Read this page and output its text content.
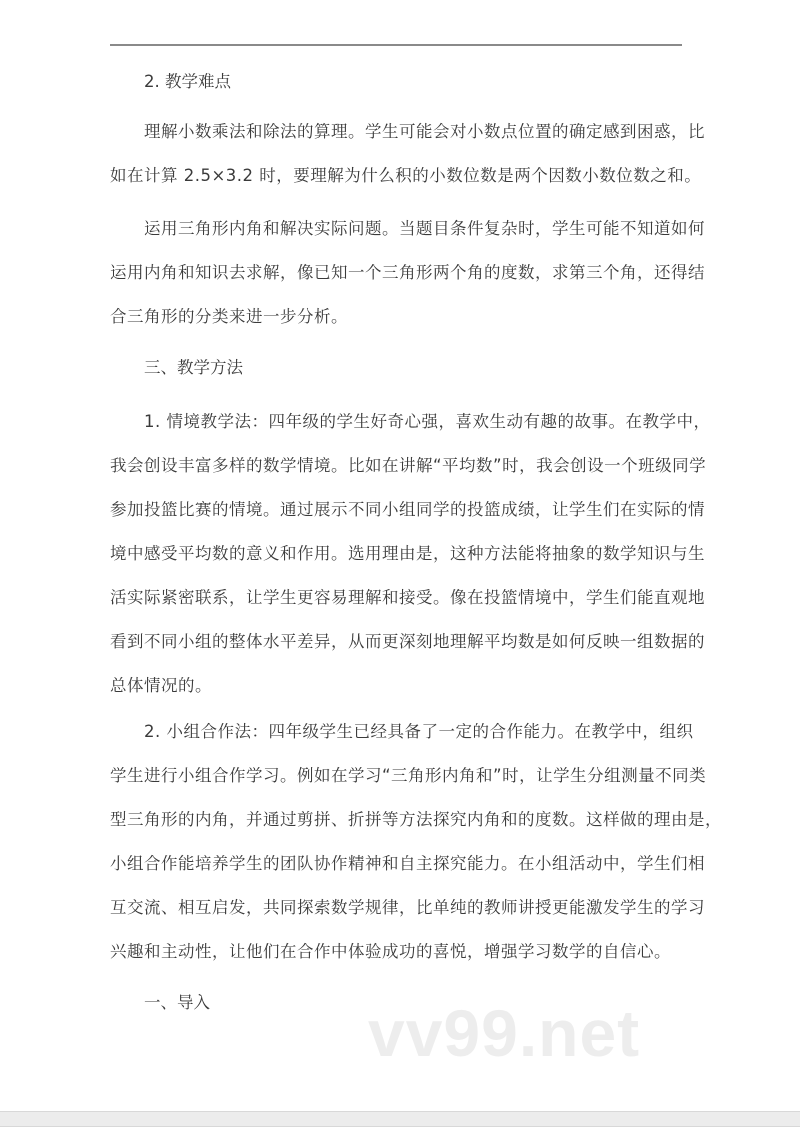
2. 教学难点
理解小数乘法和除法的算理。学生可能会对小数点位置的确定感到困惑，比
如在计算 2.5×3.2 时，要理解为什么积的小数位数是两个因数小数位数之和。
运用三角形内角和解决实际问题。当题目条件复杂时，学生可能不知道如何
运用内角和知识去求解，像已知一个三角形两个角的度数，求第三个角，还得结
合三角形的分类来进一步分析。
三、教学方法
1. 情境教学法：四年级的学生好奇心强，喜欢生动有趣的故事。在教学中，
我会创设丰富多样的数学情境。比如在讲解“平均数”时，我会创设一个班级同学
参加投篮比赛的情境。通过展示不同小组同学的投篮成绩，让学生们在实际的情
境中感受平均数的意义和作用。选用理由是，这种方法能将抽象的数学知识与生
活实际紧密联系，让学生更容易理解和接受。像在投篮情境中，学生们能直观地
看到不同小组的整体水平差异，从而更深刻地理解平均数是如何反映一组数据的
总体情况的。
2. 小组合作法：四年级学生已经具备了一定的合作能力。在教学中，组织
学生进行小组合作学习。例如在学习“三角形内角和”时，让学生分组测量不同类
型三角形的内角，并通过剪拼、折拼等方法探究内角和的度数。这样做的理由是，
小组合作能培养学生的团队协作精神和自主探究能力。在小组活动中，学生们相
互交流、相互启发，共同探索数学规律，比单纯的教师讲授更能激发学生的学习
兴趣和主动性，让他们在合作中体验成功的喜悦，增强学习数学的自信心。
一、导入 vv99.net
